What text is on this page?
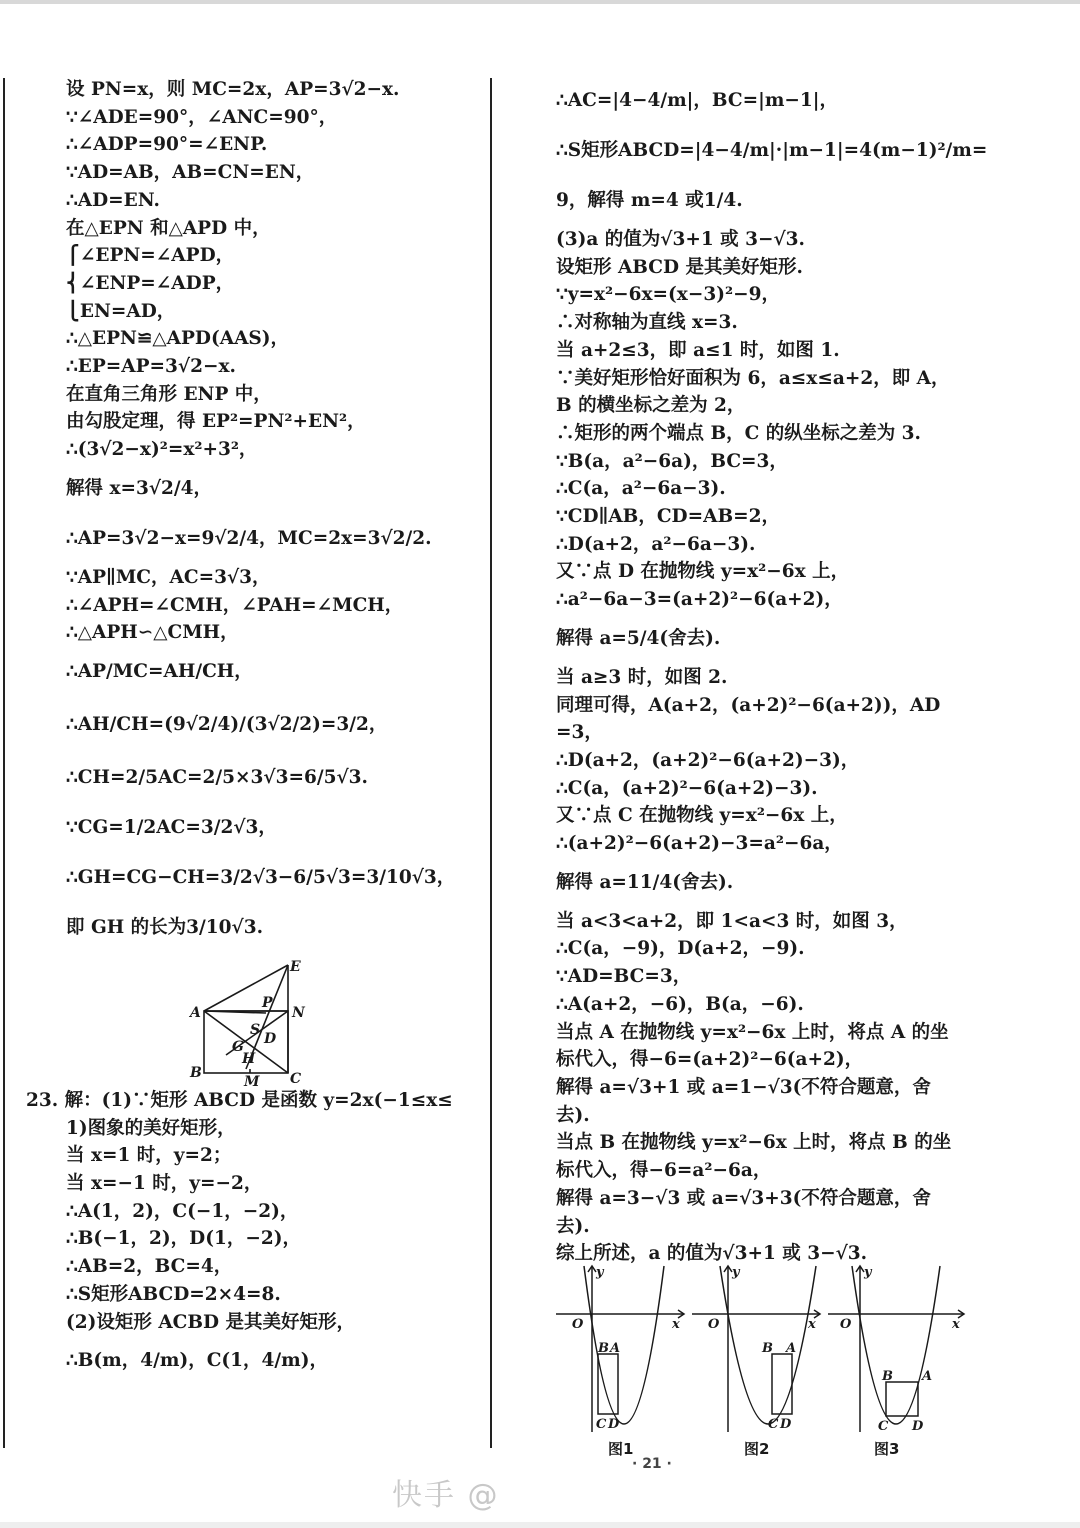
设 PN=x，则 MC=2x，AP=3√2−x.
∵∠ADE=90°，∠ANC=90°，
∴∠ADP=90°=∠ENP.
∵AD=AB，AB=CN=EN，
∴AD=EN.
在△EPN 和△APD 中，
⎧∠EPN=∠APD，
⎨∠ENP=∠ADP，
⎩EN=AD，
∴△EPN≌△APD(AAS)，
∴EP=AP=3√2−x.
在直角三角形 ENP 中，
由勾股定理，得 EP²=PN²+EN²，
∴(3√2−x)²=x²+3²，
解得 x=3√2/4，
∴AP=3√2−x=9√2/4，MC=2x=3√2/2.
∵AP∥MC，AC=3√3，
∴∠APH=∠CMH，∠PAH=∠MCH，
∴△APH∽△CMH，
∴AP/MC=AH/CH，
∴AH/CH=(9√2/4)/(3√2/2)=3/2，
∴CH=2/5AC=2/5×3√3=6/5√3.
∵CG=1/2AC=3/2√3，
∴GH=CG−CH=3/2√3−6/5√3=3/10√3，
即 GH 的长为3/10√3.
E
P
A	N
S
D
G
H
B
M C
23. 解：(1)∵矩形 ABCD 是函数 y=2x(−1≤x≤
1)图象的美好矩形，
当 x=1 时，y=2；
当 x=−1 时，y=−2，
∴A(1，2)，C(−1，−2)，
∴B(−1，2)，D(1，−2)，
∴AB=2，BC=4，
∴S矩形ABCD=2×4=8.
(2)设矩形 ACBD 是其美好矩形，
∴B(m，4/m)，C(1，4/m)，
∴AC=|4−4/m|，BC=|m−1|，
∴S矩形ABCD=|4−4/m|·|m−1|=4(m−1)²/m=
9，解得 m=4 或1/4.
(3)a 的值为√3+1 或 3−√3.
设矩形 ABCD 是其美好矩形.
∵y=x²−6x=(x−3)²−9，
∴对称轴为直线 x=3.
当 a+2≤3，即 a≤1 时，如图 1.
∵美好矩形恰好面积为 6，a≤x≤a+2，即 A，
B 的横坐标之差为 2，
∴矩形的两个端点 B，C 的纵坐标之差为 3.
∵B(a，a²−6a)，BC=3，
∴C(a，a²−6a−3).
∵CD∥AB，CD=AB=2，
∴D(a+2，a²−6a−3).
又∵点 D 在抛物线 y=x²−6x 上，
∴a²−6a−3=(a+2)²−6(a+2)，
解得 a=5/4(舍去).
当 a≥3 时，如图 2.
同理可得，A(a+2，(a+2)²−6(a+2))，AD
=3，
∴D(a+2，(a+2)²−6(a+2)−3)，
∴C(a，(a+2)²−6(a+2)−3).
又∵点 C 在抛物线 y=x²−6x 上，
∴(a+2)²−6(a+2)−3=a²−6a，
解得 a=11/4(舍去).
当 a<3<a+2，即 1<a<3 时，如图 3，
∴C(a，−9)，D(a+2，−9).
∵AD=BC=3，
∴A(a+2，−6)，B(a，−6).
当点 A 在抛物线 y=x²−6x 上时，将点 A 的坐
标代入，得−6=(a+2)²−6(a+2)，
解得 a=√3+1 或 a=1−√3(不符合题意，舍
去).
当点 B 在抛物线 y=x²−6x 上时，将点 B 的坐
标代入，得−6=a²−6a，
解得 a=3−√3 或 a=√3+3(不符合题意，舍
去).
综上所述，a 的值为√3+1 或 3−√3.
y
x
O
B A
C D
图1
y
x
O
B A
C D
图2
y
x
O
B A
C D
图3
· 21 ·
快手 @
